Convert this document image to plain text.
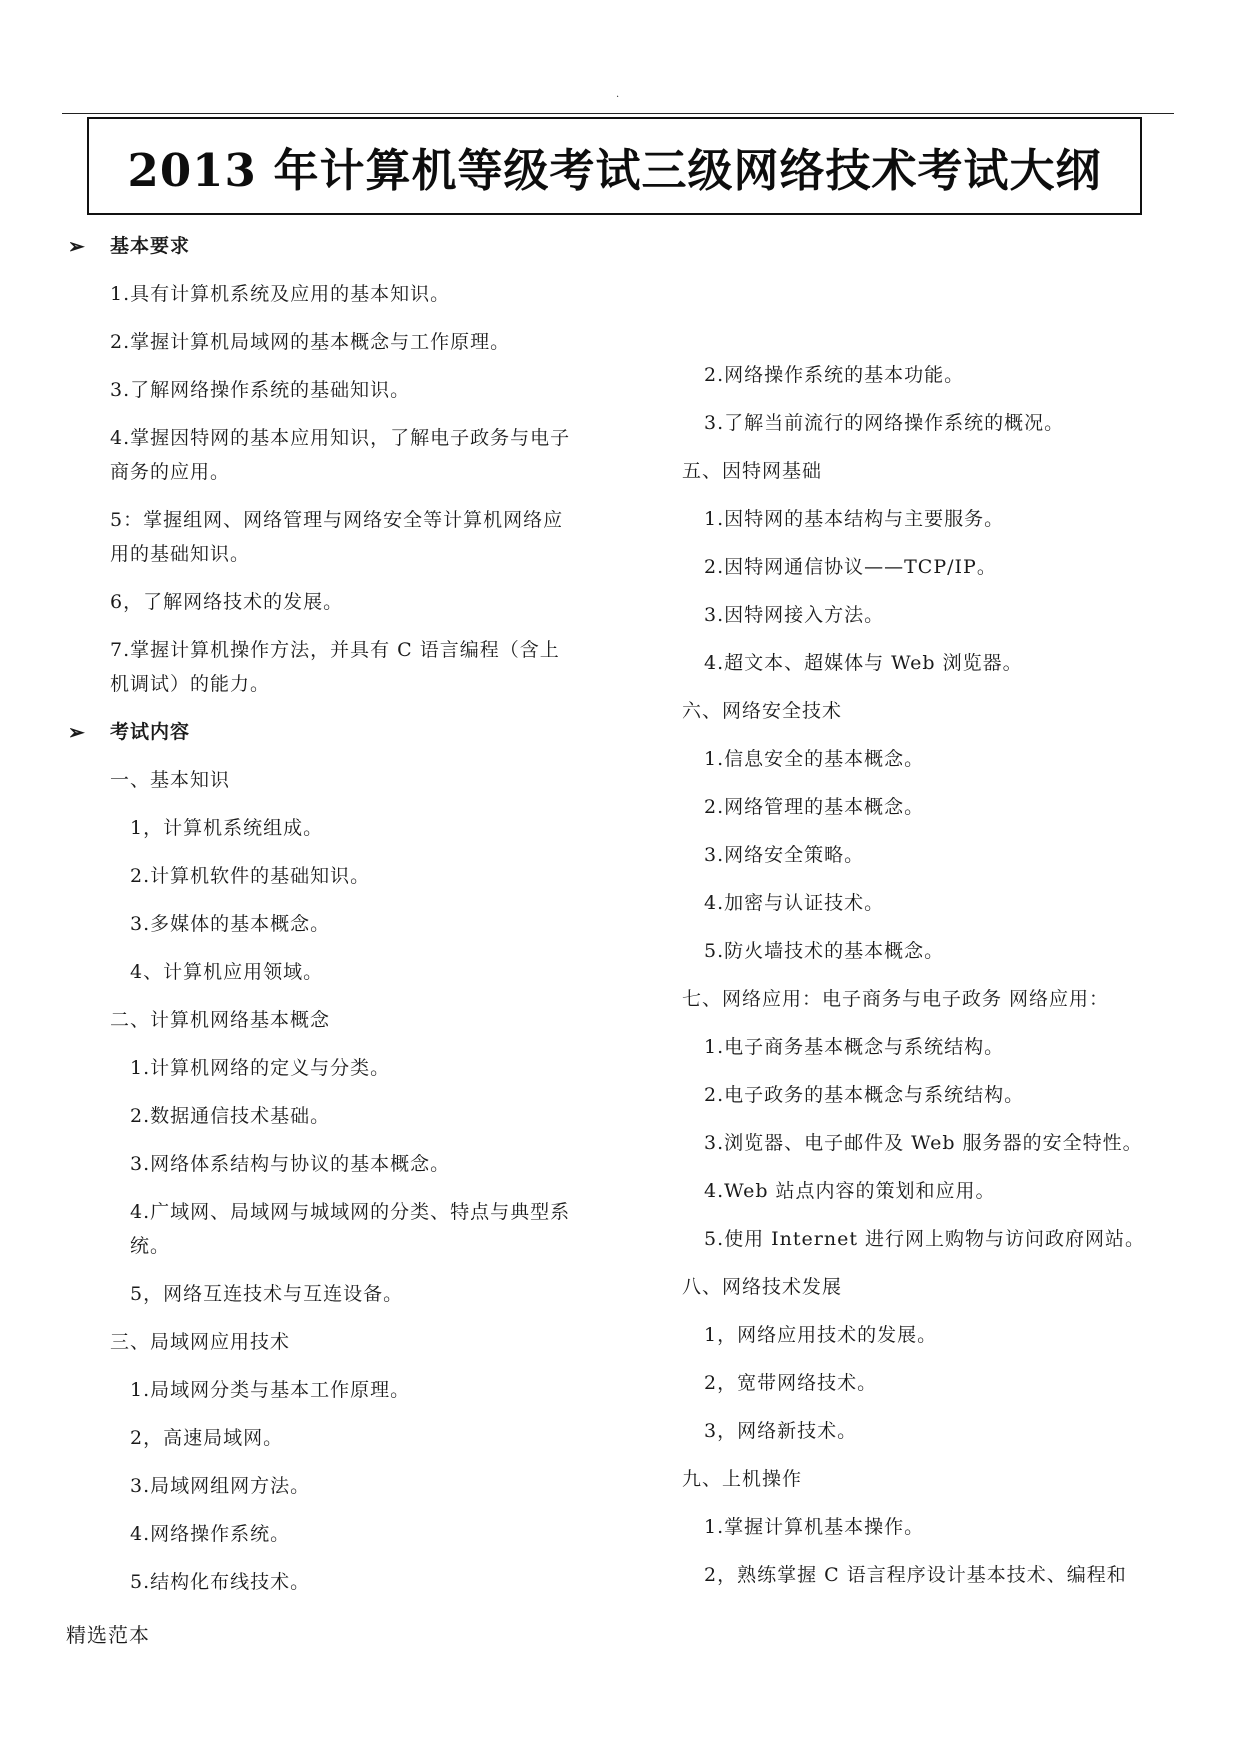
.
2013 年计算机等级考试三级网络技术考试大纲
➢ 基本要求
1.具有计算机系统及应用的基本知识。
2.掌握计算机局域网的基本概念与工作原理。
3.了解网络操作系统的基础知识。
4.掌握因特网的基本应用知识，了解电子政务与电子
商务的应用。
5：掌握组网、网络管理与网络安全等计算机网络应
用的基础知识。
6，了解网络技术的发展。
7.掌握计算机操作方法，并具有 C 语言编程（含上
机调试）的能力。
➢ 考试内容
一、基本知识
1，计算机系统组成。
2.计算机软件的基础知识。
3.多媒体的基本概念。
4、计算机应用领域。
二、计算机网络基本概念
1.计算机网络的定义与分类。
2.数据通信技术基础。
3.网络体系结构与协议的基本概念。
4.广域网、局域网与城域网的分类、特点与典型系
统。
5，网络互连技术与互连设备。
三、局域网应用技术
1.局域网分类与基本工作原理。
2，高速局域网。
3.局域网组网方法。
4.网络操作系统。
5.结构化布线技术。
2.网络操作系统的基本功能。
3.了解当前流行的网络操作系统的概况。
五、因特网基础
1.因特网的基本结构与主要服务。
2.因特网通信协议——TCP/IP。
3.因特网接入方法。
4.超文本、超媒体与 Web 浏览器。
六、网络安全技术
1.信息安全的基本概念。
2.网络管理的基本概念。
3.网络安全策略。
4.加密与认证技术。
5.防火墙技术的基本概念。
七、网络应用：电子商务与电子政务 网络应用：
1.电子商务基本概念与系统结构。
2.电子政务的基本概念与系统结构。
3.浏览器、电子邮件及 Web 服务器的安全特性。
4.Web 站点内容的策划和应用。
5.使用 Internet 进行网上购物与访问政府网站。
八、网络技术发展
1，网络应用技术的发展。
2，宽带网络技术。
3，网络新技术。
九、上机操作
1.掌握计算机基本操作。
2，熟练掌握 C 语言程序设计基本技术、编程和
精选范本
